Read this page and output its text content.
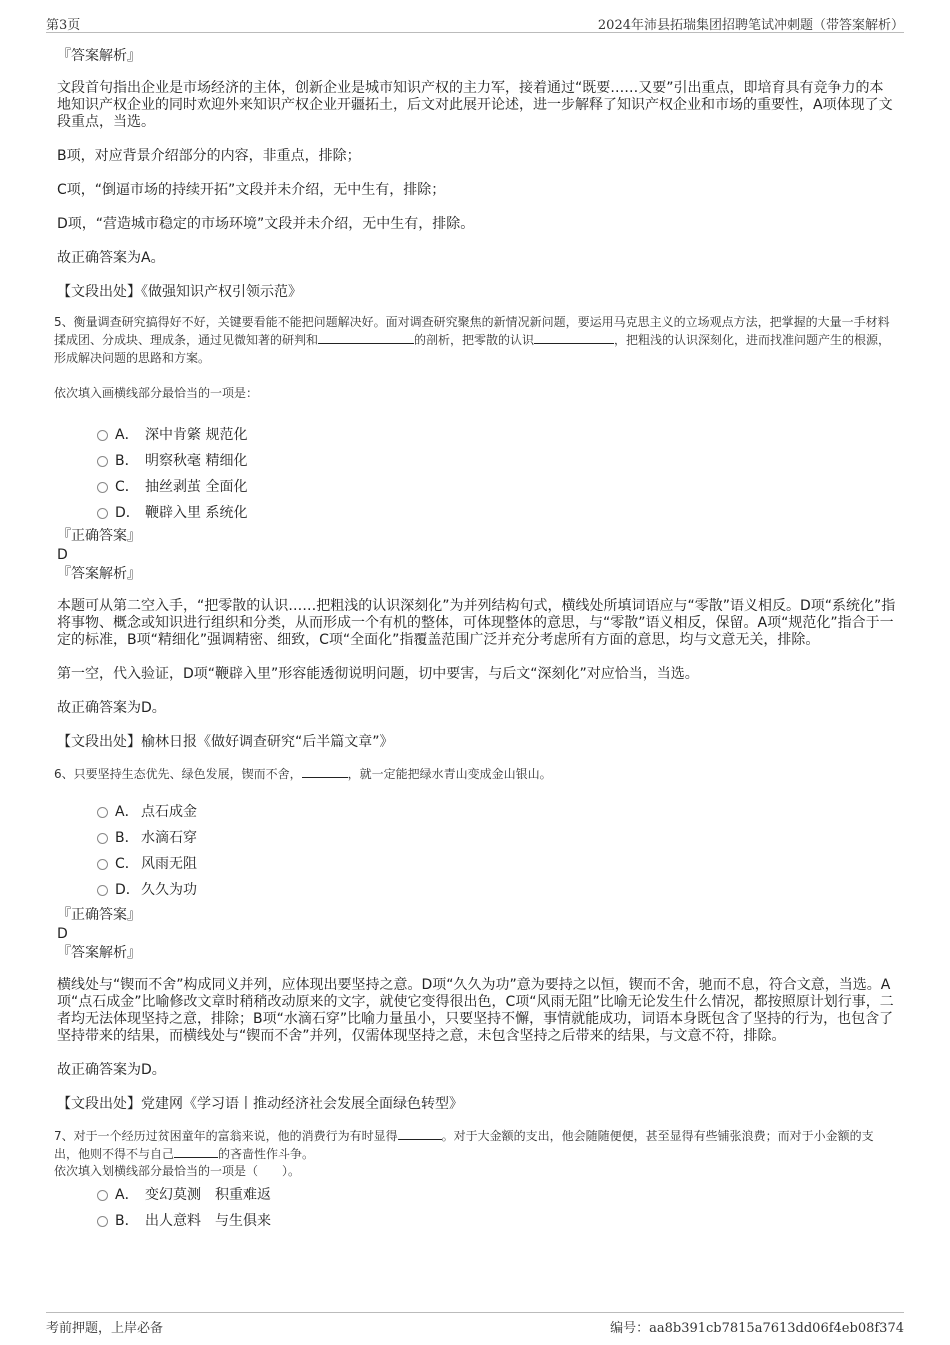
第3页	2024年沛县拓瑞集团招聘笔试冲刺题（带答案解析）
『答案解析』

文段首句指出企业是市场经济的主体，创新企业是城市知识产权的主力军，接着通过“既要……又要”引出重点，即培育具有竞争力的本地知识产权企业的同时欢迎外来知识产权企业开疆拓土，后文对此展开论述，进一步解释了知识产权企业和市场的重要性，A项体现了文段重点，当选。

B项，对应背景介绍部分的内容，非重点，排除；

C项，“倒逼市场的持续开拓”文段并未介绍，无中生有，排除；

D项，“营造城市稳定的市场环境”文段并未介绍，无中生有，排除。

故正确答案为A。

【文段出处】《做强知识产权引领示范》

5、衡量调查研究搞得好不好，关键要看能不能把问题解决好。面对调查研究聚焦的新情况新问题，要运用马克思主义的立场观点方法，把掌握的大量一手材料揉成团、分成块、理成条，通过见微知著的研判和	的剖析，把零散的认识	，把粗浅的认识深刻化，进而找准问题产生的根源，形成解决问题的思路和方案。

依次填入画横线部分最恰当的一项是：

A． 深中肯綮 规范化
B． 明察秋毫 精细化
C． 抽丝剥茧 全面化
D． 鞭辟入里 系统化
『正确答案』
D
『答案解析』

本题可从第二空入手，“把零散的认识……把粗浅的认识深刻化”为并列结构句式，横线处所填词语应与“零散”语义相反。D项“系统化”指将事物、概念或知识进行组织和分类，从而形成一个有机的整体，可体现整体的意思，与“零散”语义相反，保留。A项“规范化”指合于一定的标准，B项“精细化”强调精密、细致，C项“全面化”指覆盖范围广泛并充分考虑所有方面的意思，均与文意无关，排除。

第一空，代入验证，D项“鞭辟入里”形容能透彻说明问题，切中要害，与后文“深刻化”对应恰当，当选。

故正确答案为D。

【文段出处】榆林日报《做好调查研究“后半篇文章”》

6、只要坚持生态优先、绿色发展，锲而不舍，	，就一定能把绿水青山变成金山银山。

A． 点石成金
B． 水滴石穿
C． 风雨无阻
D．久久为功
『正确答案』
D
『答案解析』

横线处与“锲而不舍”构成同义并列，应体现出要坚持之意。D项“久久为功”意为要持之以恒，锲而不舍，驰而不息，符合文意，当选。A项“点石成金”比喻修改文章时稍稍改动原来的文字，就使它变得很出色，C项“风雨无阻”比喻无论发生什么情况，都按照原计划行事，二者均无法体现坚持之意，排除；B项“水滴石穿”比喻力量虽小，只要坚持不懈，事情就能成功，词语本身既包含了坚持的行为，也包含了坚持带来的结果，而横线处与“锲而不舍”并列，仅需体现坚持之意，未包含坚持之后带来的结果，与文意不符，排除。

故正确答案为D。

【文段出处】党建网《学习语丨推动经济社会发展全面绿色转型》

7、对于一个经历过贫困童年的富翁来说，他的消费行为有时显得	。对于大金额的支出，他会随随便便，甚至显得有些铺张浪费；而对于小金额的支出，他则不得不与自己	的吝啬性作斗争。

依次填入划横线部分最恰当的一项是（　　）。

A． 变幻莫测　积重难返
B． 出人意料　与生俱来
考前押题，上岸必备	编号：aa8b391cb7815a7613dd06f4eb08f374
